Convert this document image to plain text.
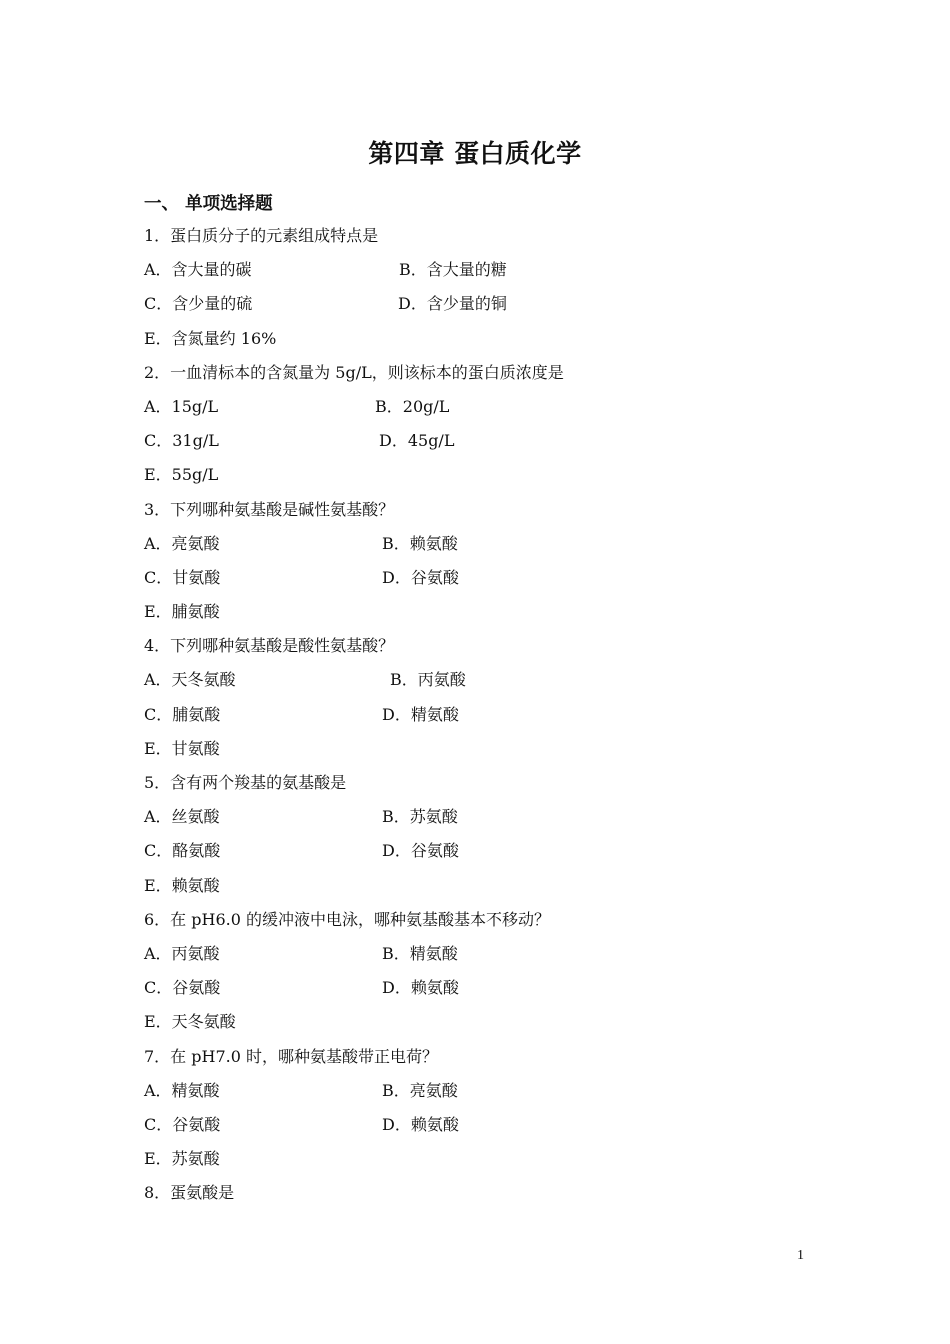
第四章 蛋白质化学
一、 单项选择题
1．蛋白质分子的元素组成特点是
A．含大量的碳	B．含大量的糖
C．含少量的硫	D．含少量的铜
E．含氮量约 16%
2．一血清标本的含氮量为 5g/L，则该标本的蛋白质浓度是
A．15g/L	B．20g/L
C．31g/L	D．45g/L
E．55g/L
3．下列哪种氨基酸是碱性氨基酸？
A．亮氨酸	B．赖氨酸
C．甘氨酸	D．谷氨酸
E．脯氨酸
4．下列哪种氨基酸是酸性氨基酸？
A．天冬氨酸	B．丙氨酸
C．脯氨酸	D．精氨酸
E．甘氨酸
5．含有两个羧基的氨基酸是
A．丝氨酸	B．苏氨酸
C．酪氨酸	D．谷氨酸
E．赖氨酸
6．在 pH6.0 的缓冲液中电泳，哪种氨基酸基本不移动？
A．丙氨酸	B．精氨酸
C．谷氨酸	D．赖氨酸
E．天冬氨酸
7．在 pH7.0 时，哪种氨基酸带正电荷？
A．精氨酸	B．亮氨酸
C．谷氨酸	D．赖氨酸
E．苏氨酸
8．蛋氨酸是
1
